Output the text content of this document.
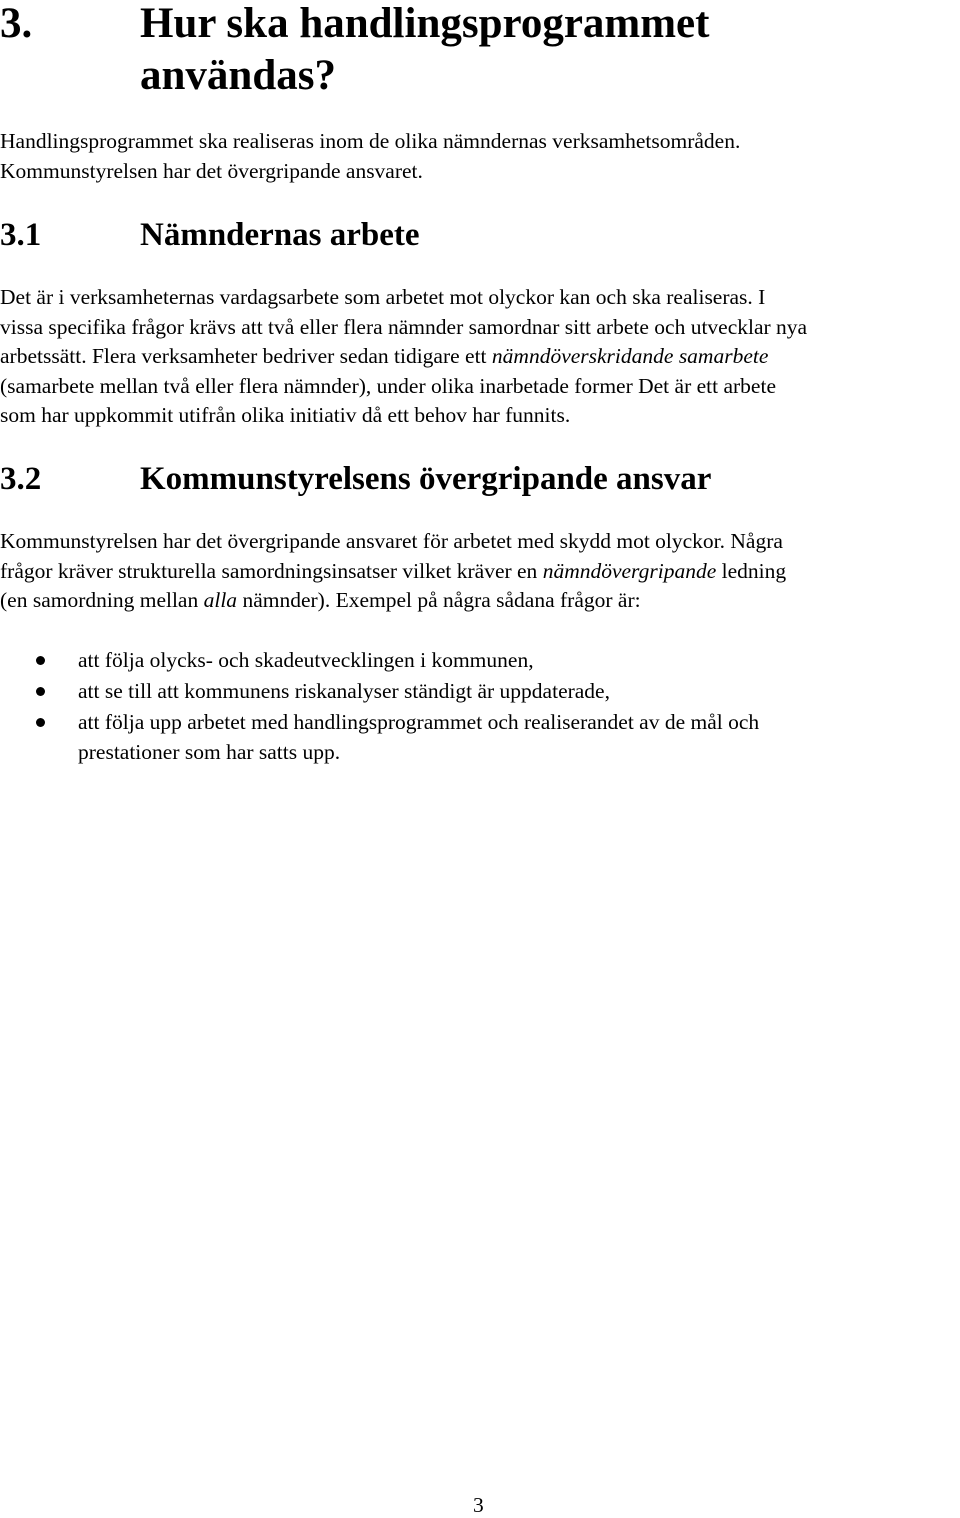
3.	Hur ska handlingsprogrammet
användas?
Handlingsprogrammet ska realiseras inom de olika nämndernas verksamhetsområden.
Kommunstyrelsen har det övergripande ansvaret.
3.1	Nämndernas arbete
Det är i verksamheternas vardagsarbete som arbetet mot olyckor kan och ska realiseras. I
vissa specifika frågor krävs att två eller flera nämnder samordnar sitt arbete och utvecklar nya
arbetssätt. Flera verksamheter bedriver sedan tidigare ett nämndöverskridande samarbete
(samarbete mellan två eller flera nämnder), under olika inarbetade former Det är ett arbete
som har uppkommit utifrån olika initiativ då ett behov har funnits.
3.2	Kommunstyrelsens övergripande ansvar
Kommunstyrelsen har det övergripande ansvaret för arbetet med skydd mot olyckor. Några
frågor kräver strukturella samordningsinsatser vilket kräver en nämndövergripande ledning
(en samordning mellan alla nämnder). Exempel på några sådana frågor är:
att följa olycks- och skadeutvecklingen i kommunen,
att se till att kommunens riskanalyser ständigt är uppdaterade,
att följa upp arbetet med handlingsprogrammet och realiserandet av de mål och
prestationer som har satts upp.
3
